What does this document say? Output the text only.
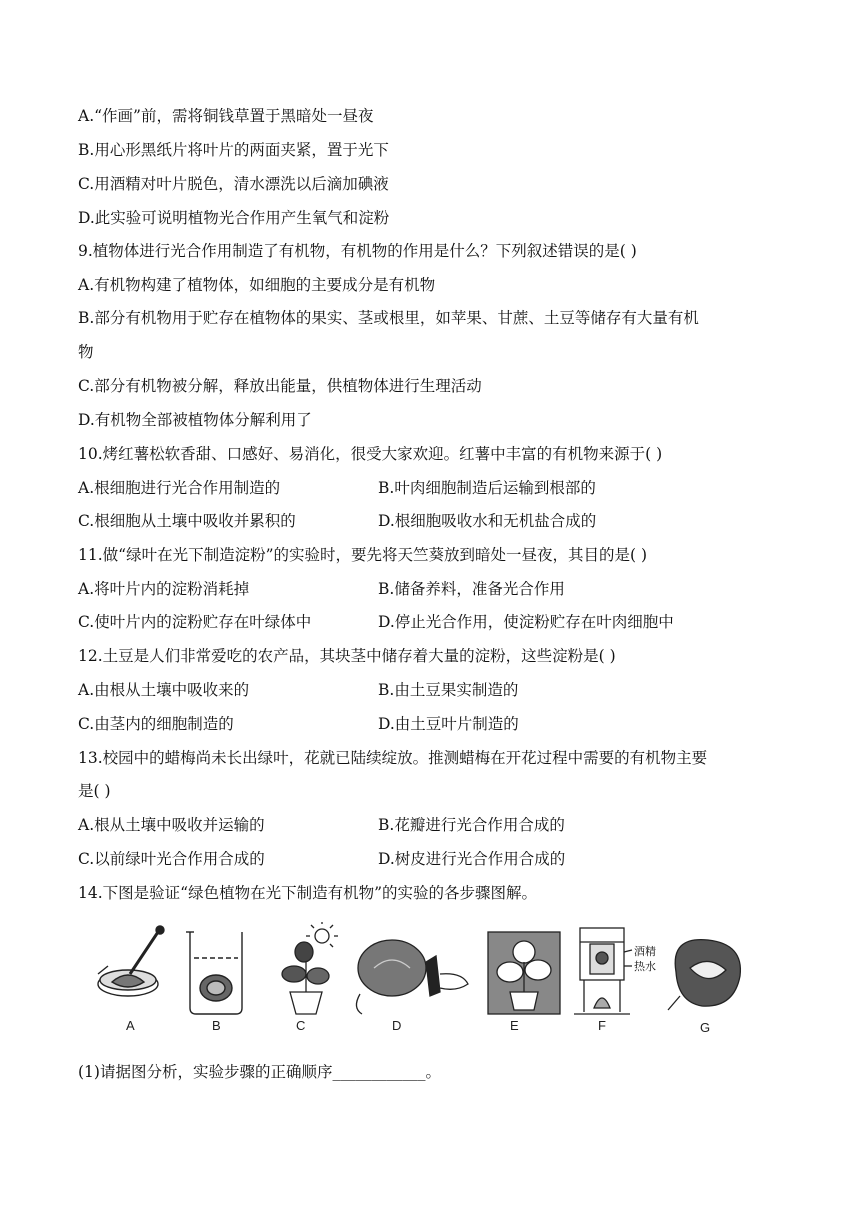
A.“作画”前，需将铜钱草置于黑暗处一昼夜
B.用心形黑纸片将叶片的两面夹紧，置于光下
C.用酒精对叶片脱色，清水漂洗以后滴加碘液
D.此实验可说明植物光合作用产生氧气和淀粉
9.植物体进行光合作用制造了有机物，有机物的作用是什么？下列叙述错误的是( )
A.有机物构建了植物体，如细胞的主要成分是有机物
B.部分有机物用于贮存在植物体的果实、茎或根里，如苹果、甘蔗、土豆等储存有大量有机
物
C.部分有机物被分解，释放出能量，供植物体进行生理活动
D.有机物全部被植物体分解利用了
10.烤红薯松软香甜、口感好、易消化，很受大家欢迎。红薯中丰富的有机物来源于( )
A.根细胞进行光合作用制造的	B.叶肉细胞制造后运输到根部的
C.根细胞从土壤中吸收并累积的	D.根细胞吸收水和无机盐合成的
11.做“绿叶在光下制造淀粉”的实验时，要先将天竺葵放到暗处一昼夜，其目的是( )
A.将叶片内的淀粉消耗掉	B.储备养料，准备光合作用
C.使叶片内的淀粉贮存在叶绿体中	D.停止光合作用，使淀粉贮存在叶肉细胞中
12.土豆是人们非常爱吃的农产品，其块茎中储存着大量的淀粉，这些淀粉是( )
A.由根从土壤中吸收来的	B.由土豆果实制造的
C.由茎内的细胞制造的	D.由土豆叶片制造的
13.校园中的蜡梅尚未长出绿叶，花就已陆续绽放。推测蜡梅在开花过程中需要的有机物主要
是( )
A.根从土壤中吸收并运输的	B.花瓣进行光合作用合成的
C.以前绿叶光合作用合成的	D.树皮进行光合作用合成的
14.下图是验证“绿色植物在光下制造有机物”的实验的各步骤图解。
酒精
热水
A	B	C	D	E	F	G
(1)请据图分析，实验步骤的正确顺序____________。
